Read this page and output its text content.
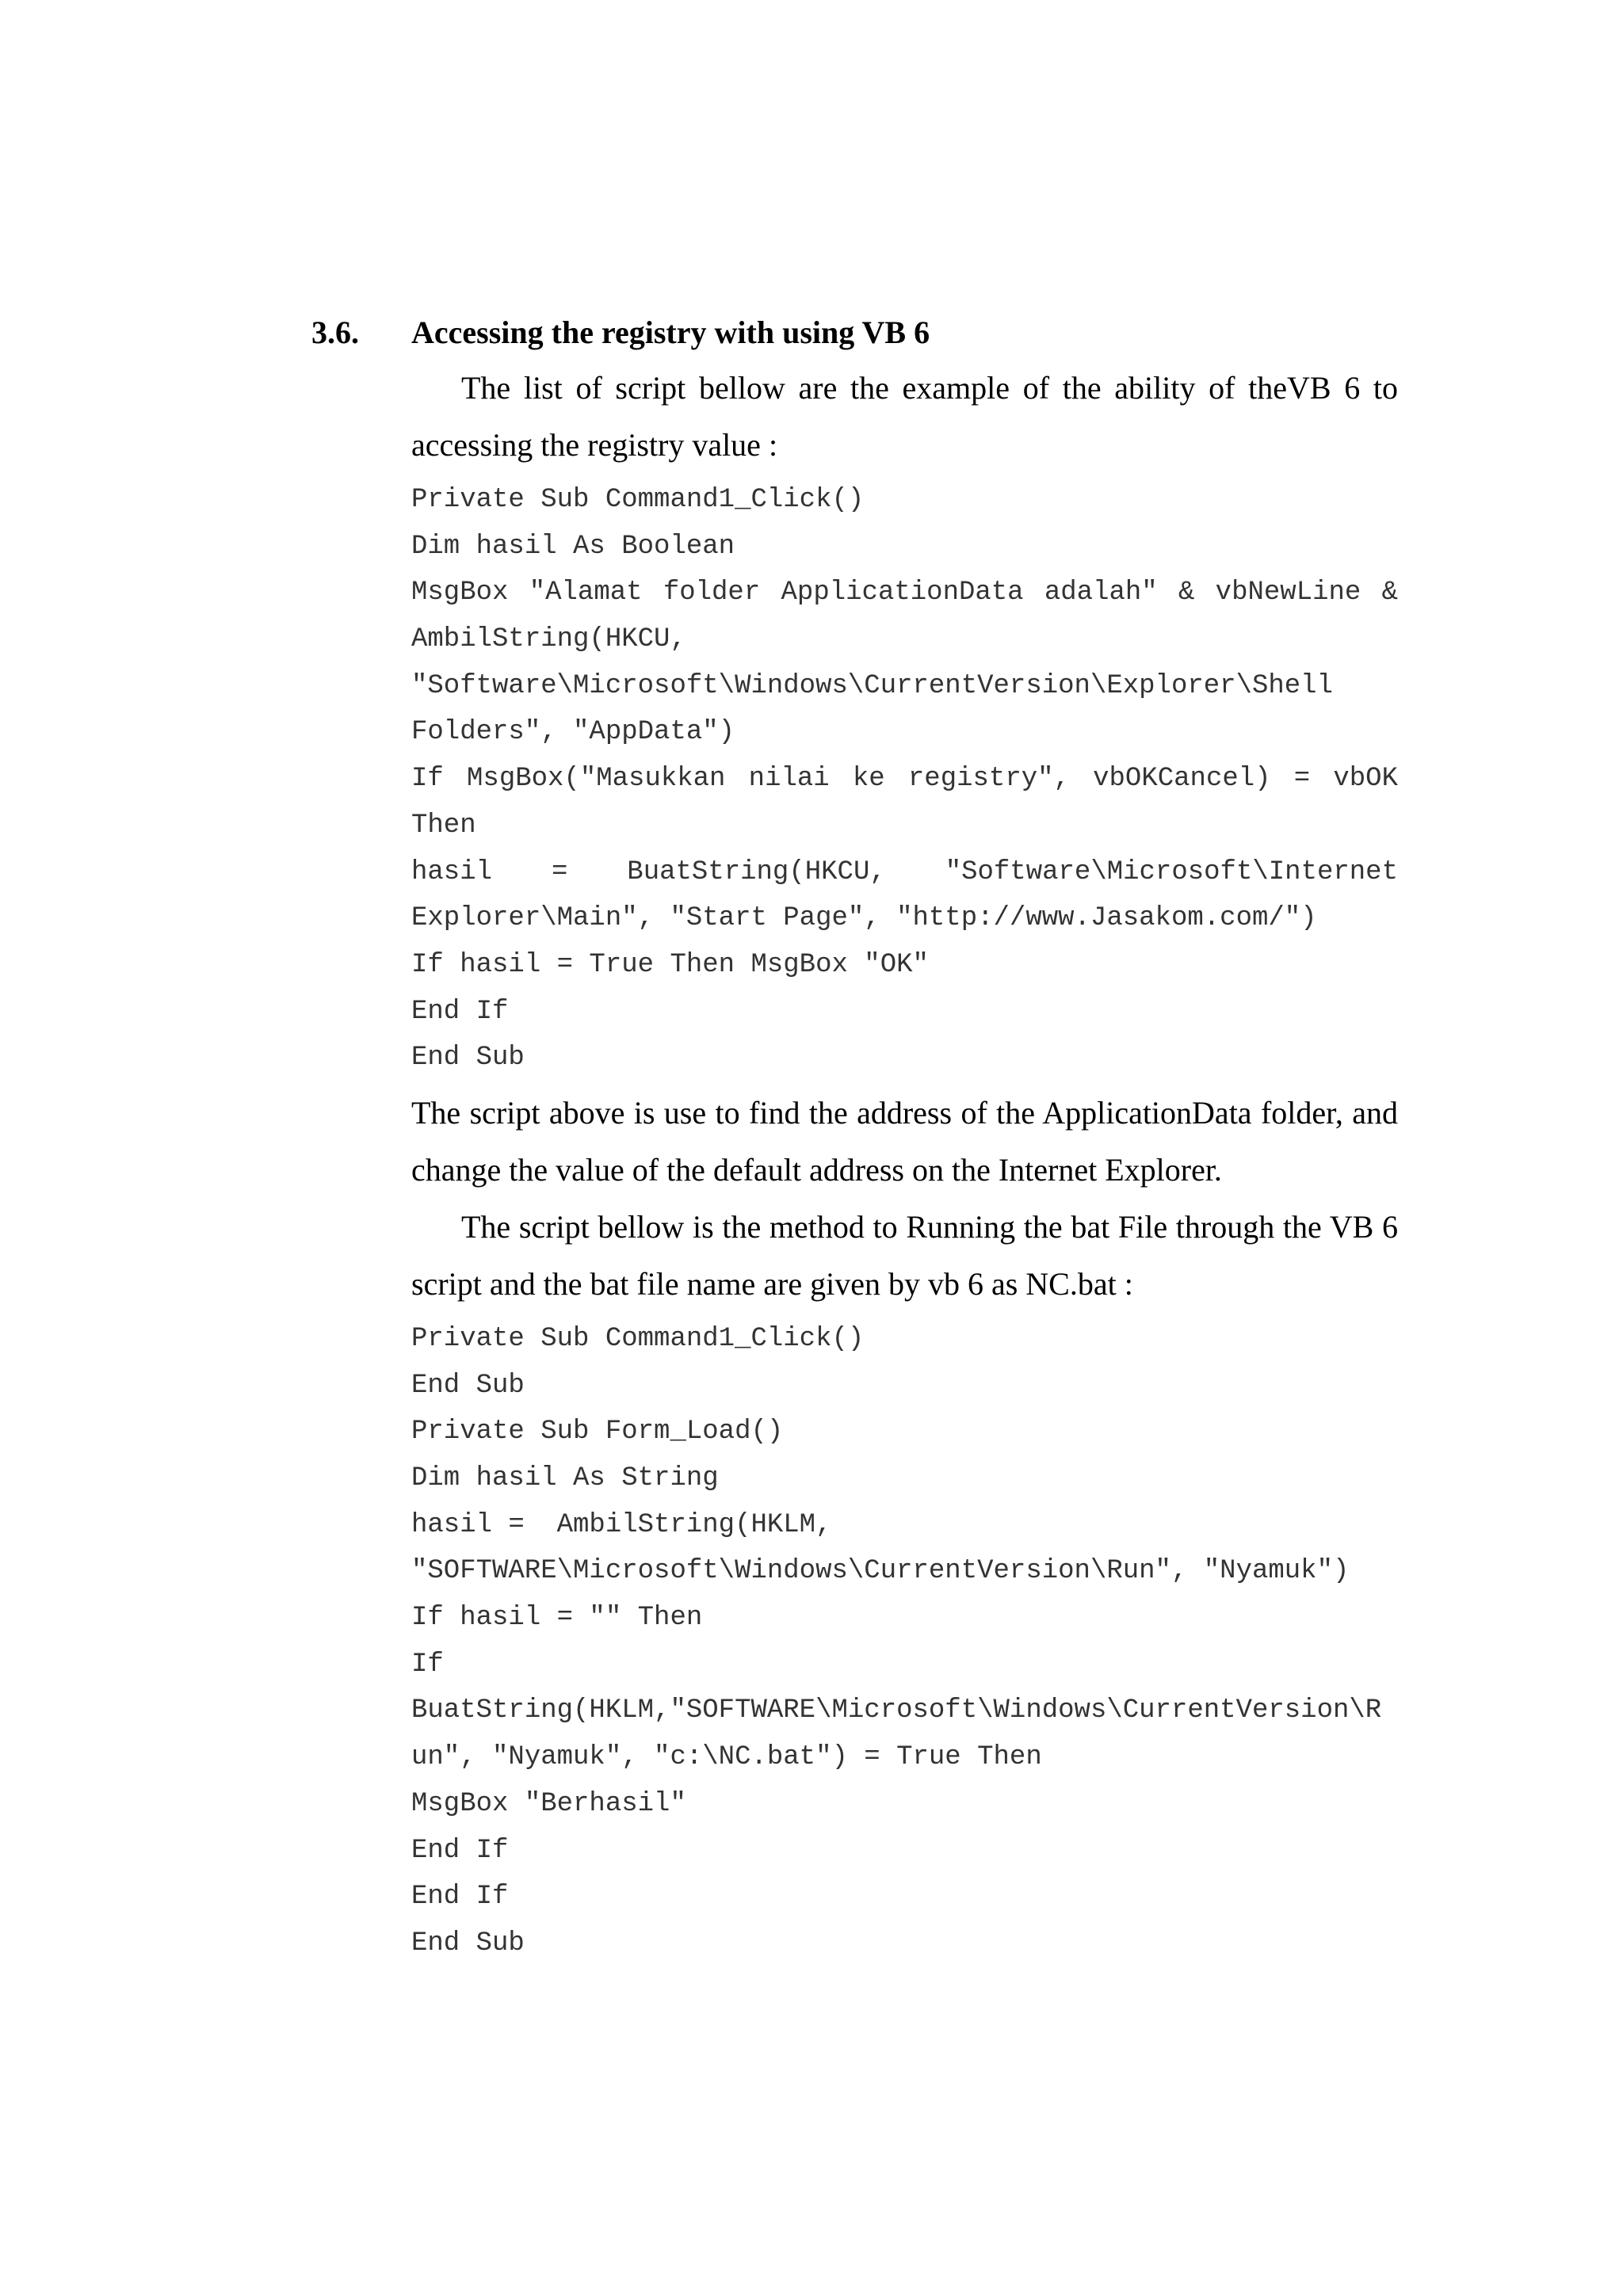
3.6. Accessing the registry with using VB 6

The list of script bellow are the example of the ability of theVB 6 to accessing the registry value :

Private Sub Command1_Click()
Dim hasil As Boolean
MsgBox "Alamat folder ApplicationData adalah" & vbNewLine &
AmbilString(HKCU,
"Software\Microsoft\Windows\CurrentVersion\Explorer\Shell
Folders", "AppData")
If MsgBox("Masukkan nilai ke registry", vbOKCancel) = vbOK
Then
hasil = BuatString(HKCU, "Software\Microsoft\Internet
Explorer\Main", "Start Page", "http://www.Jasakom.com/")
If hasil = True Then MsgBox "OK"
End If
End Sub

The script above is use to find the address of the ApplicationData folder, and change the value of the default address on the Internet Explorer.

The script bellow is the method to Running the bat File through the VB 6 script and the bat file name are given by vb 6 as NC.bat :

Private Sub Command1_Click()
End Sub
Private Sub Form_Load()
Dim hasil As String
hasil =  AmbilString(HKLM,
"SOFTWARE\Microsoft\Windows\CurrentVersion\Run", "Nyamuk")
If hasil = "" Then
If
BuatString(HKLM,"SOFTWARE\Microsoft\Windows\CurrentVersion\R
un", "Nyamuk", "c:\NC.bat") = True Then
MsgBox "Berhasil"
End If
End If
End Sub
